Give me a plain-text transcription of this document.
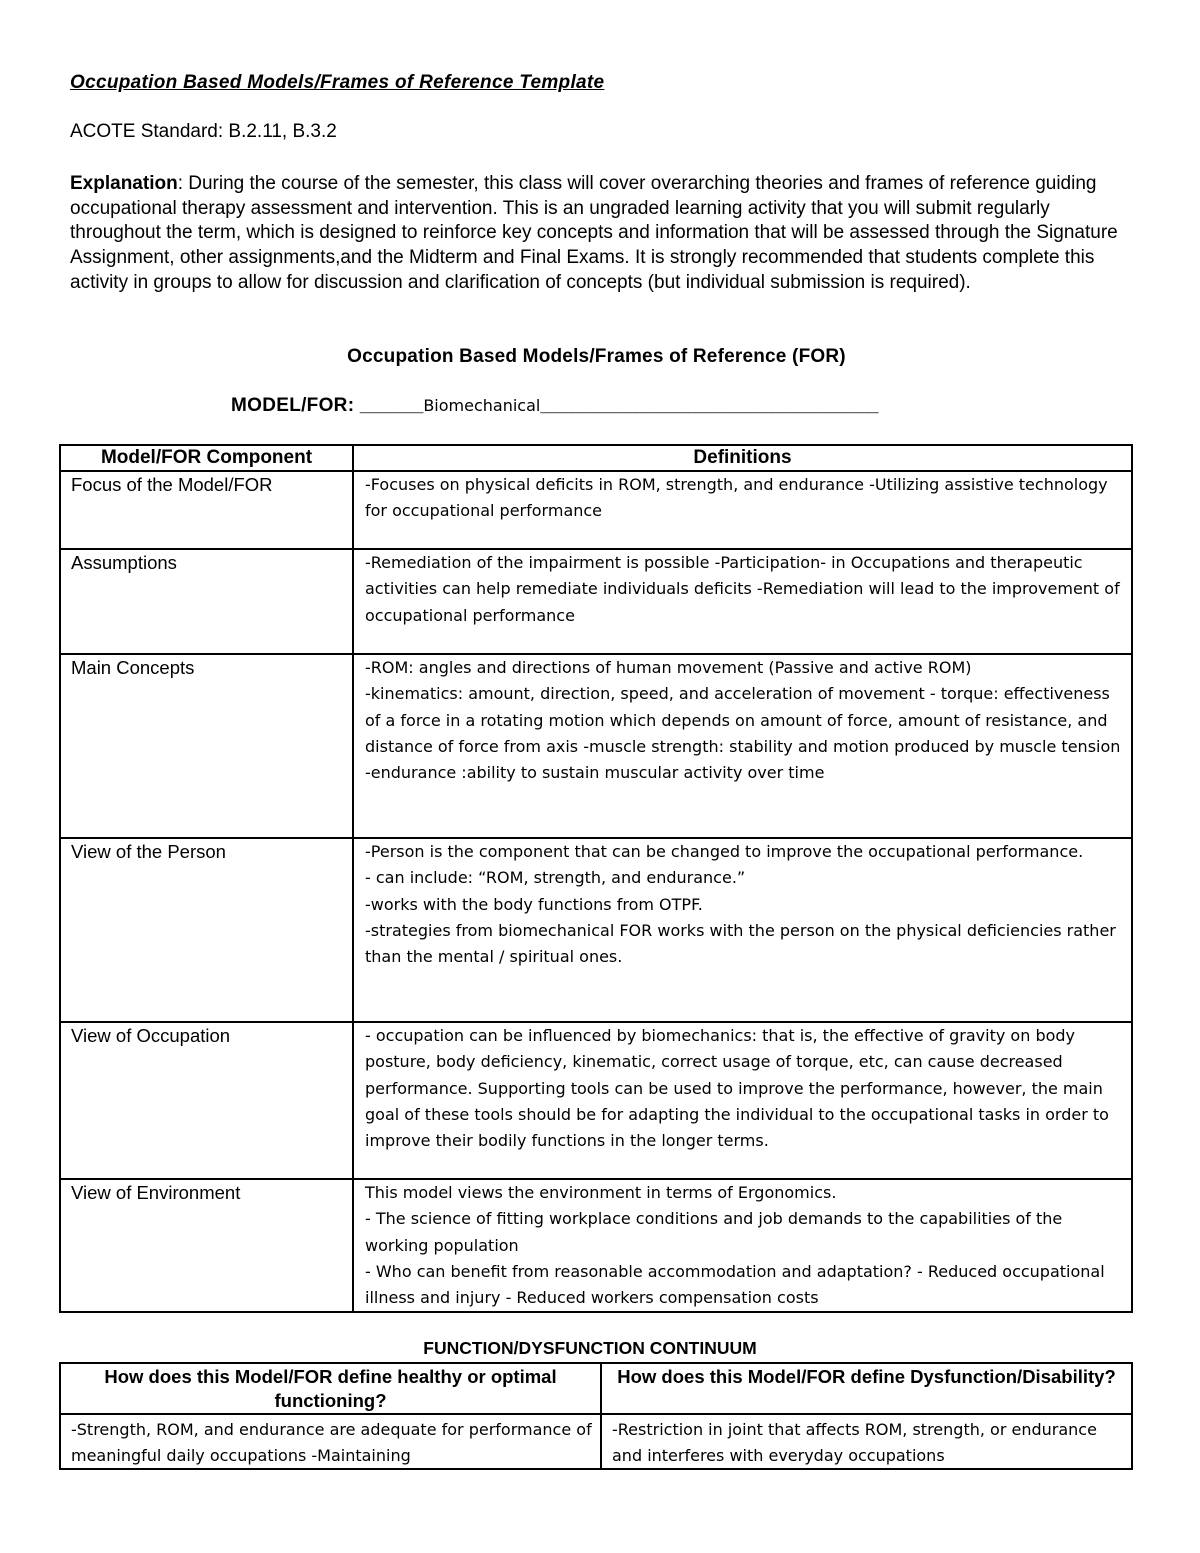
Occupation Based Models/Frames of Reference Template
ACOTE Standard: B.2.11, B.3.2
Explanation: During the course of the semester, this class will cover overarching theories and frames of reference guiding occupational therapy assessment and intervention. This is an ungraded learning activity that you will submit regularly throughout the term, which is designed to reinforce key concepts and information that will be assessed through the Signature Assignment, other assignments,and the Midterm and Final Exams. It is strongly recommended that students complete this activity in groups to allow for discussion and clarification of concepts (but individual submission is required).
Occupation Based Models/Frames of Reference (FOR)
MODEL/FOR: ______Biomechanical________________________________
Model/FOR Component	Definitions
Focus of the Model/FOR	-Focuses on physical deficits in ROM, strength, and endurance -Utilizing assistive technology for occupational performance

Assumptions	-Remediation of the impairment is possible -Participation- in Occupations and therapeutic activities can help remediate individuals deficits -Remediation will lead to the improvement of occupational performance

Main Concepts	-ROM: angles and directions of human movement (Passive and active ROM)
-kinematics: amount, direction, speed, and acceleration of movement - torque: effectiveness of a force in a rotating motion which depends on amount of force, amount of resistance, and distance of force from axis -muscle strength: stability and motion produced by muscle tension -endurance :ability to sustain muscular activity over time

View of the Person	-Person is the component that can be changed to improve the occupational performance.
- can include: “ROM, strength, and endurance.”
-works with the body functions from OTPF.
-strategies from biomechanical FOR works with the person on the physical deficiencies rather than the mental / spiritual ones.

View of Occupation	- occupation can be influenced by biomechanics: that is, the effective of gravity on body posture, body deficiency, kinematic, correct usage of torque, etc, can cause decreased performance. Supporting tools can be used to improve the performance, however, the main goal of these tools should be for adapting the individual to the occupational tasks in order to improve their bodily functions in the longer terms.

View of Environment	This model views the environment in terms of Ergonomics.
- The science of fitting workplace conditions and job demands to the capabilities of the working population
- Who can benefit from reasonable accommodation and adaptation? - Reduced occupational illness and injury - Reduced workers compensation costs
FUNCTION/DYSFUNCTION CONTINUUM
How does this Model/FOR define healthy or optimal functioning?	How does this Model/FOR define Dysfunction/Disability?
-Strength, ROM, and endurance are adequate for performance of meaningful daily occupations -Maintaining	-Restriction in joint that affects ROM, strength, or endurance and interferes with everyday occupations
